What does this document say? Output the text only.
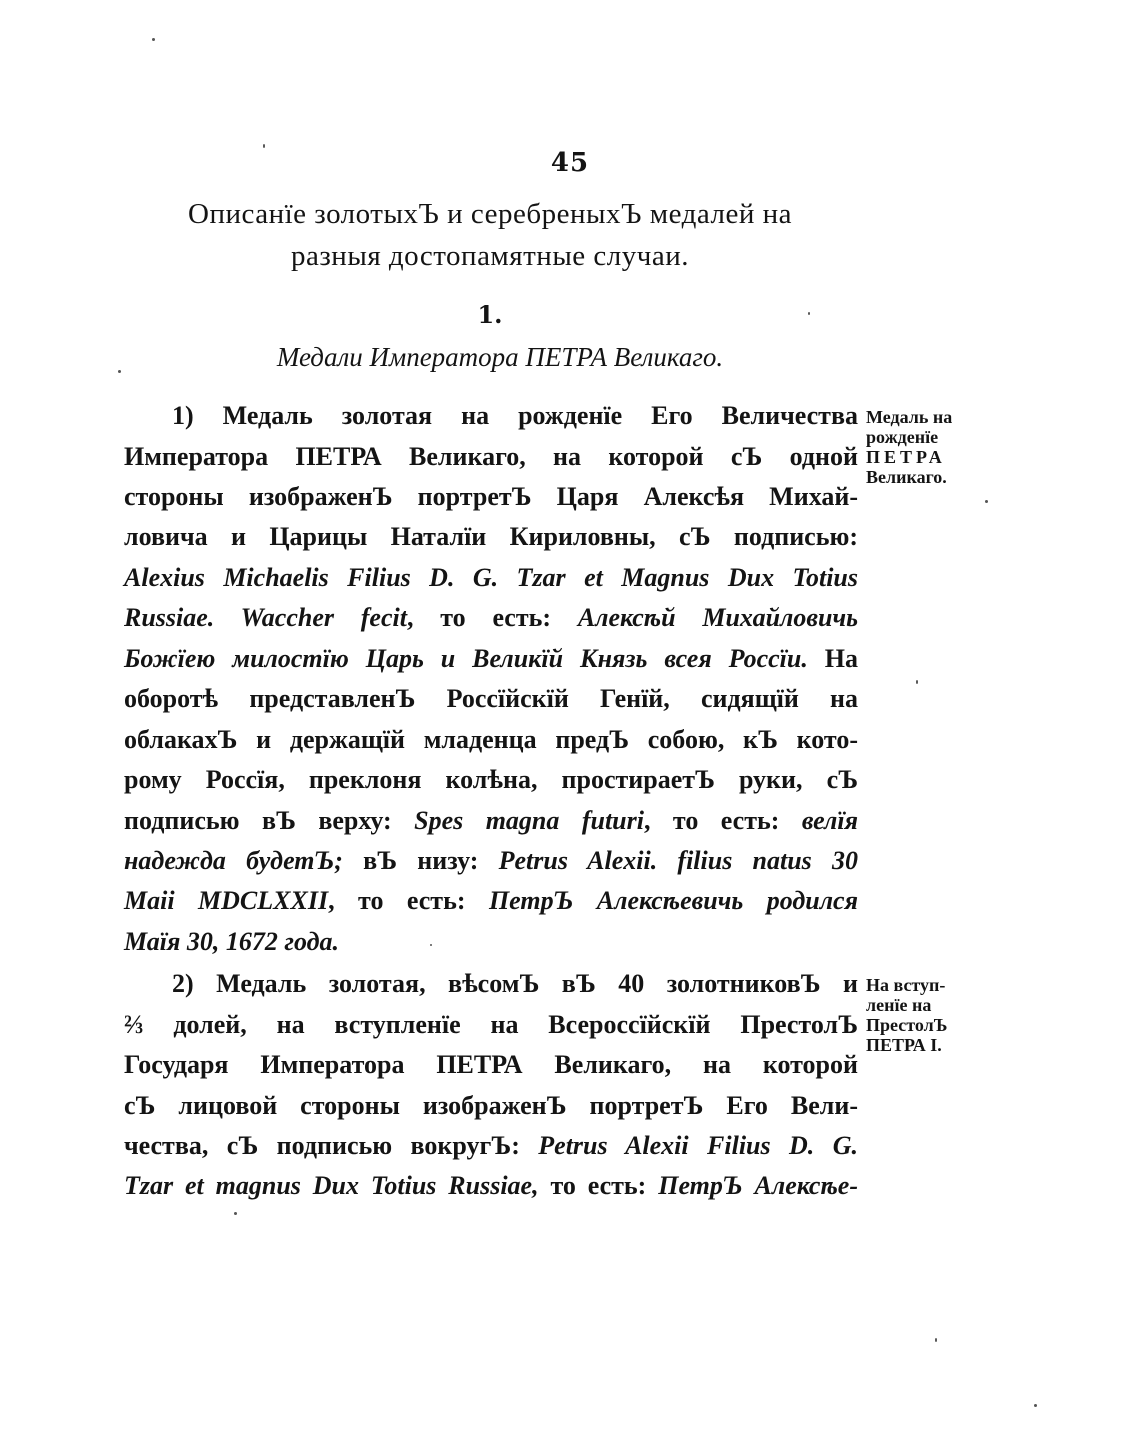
45
Описанїе золотыхЪ и серебреныхЪ медалей на
разныя достопамятные случаи.
1.
Медали Императора ПЕТРА Великаго.
1) Медаль золотая на рожденїе Его Величества
Императора ПЕТРА Великаго, на которой сЪ одной
стороны изображенЪ портретЪ Царя Алексѣя Михай-
ловича и Царицы Наталїи Кириловны, сЪ подписью:
Alexius Michaelis Filius D. G. Tzar et Magnus Dux Totius
Russiae. Waccher fecit, то есть: Алексѣй Михайловичь
Божїею милостїю Царь и Великїй Князь всея Россїи. На
оборотѣ представленЪ Россїйскїй Генїй, сидящїй на
облакахЪ и держащїй младенца предЪ собою, кЪ кото-
рому Россїя, преклоня колѣна, простираетЪ руки, сЪ
подписью вЪ верху: Spes magna futuri, то есть: велїя
надежда будетЪ; вЪ низу: Petrus Alexii. filius natus 30
Maii MDCLXXII, то есть: ПетрЪ Алексѣевичь родился
Маїя 30, 1672 года.
2) Медаль золотая, вѣсомЪ вЪ 40 золотниковЪ и
⅔ долей, на вступленїе на Всероссїйскїй ПрестолЪ
Государя Императора ПЕТРА Великаго, на которой
сЪ лицовой стороны изображенЪ портретЪ Его Вели-
чества, сЪ подписью вокругЪ: Petrus Alexii Filius D. G.
Tzar et magnus Dux Totius Russiae, то есть: ПетрЪ Алексѣе-
Медаль на
рожденїе
ПЕТРА
Великаго.
На вступ-
ленїе на
ПрестолЪ
ПЕТРА I.
